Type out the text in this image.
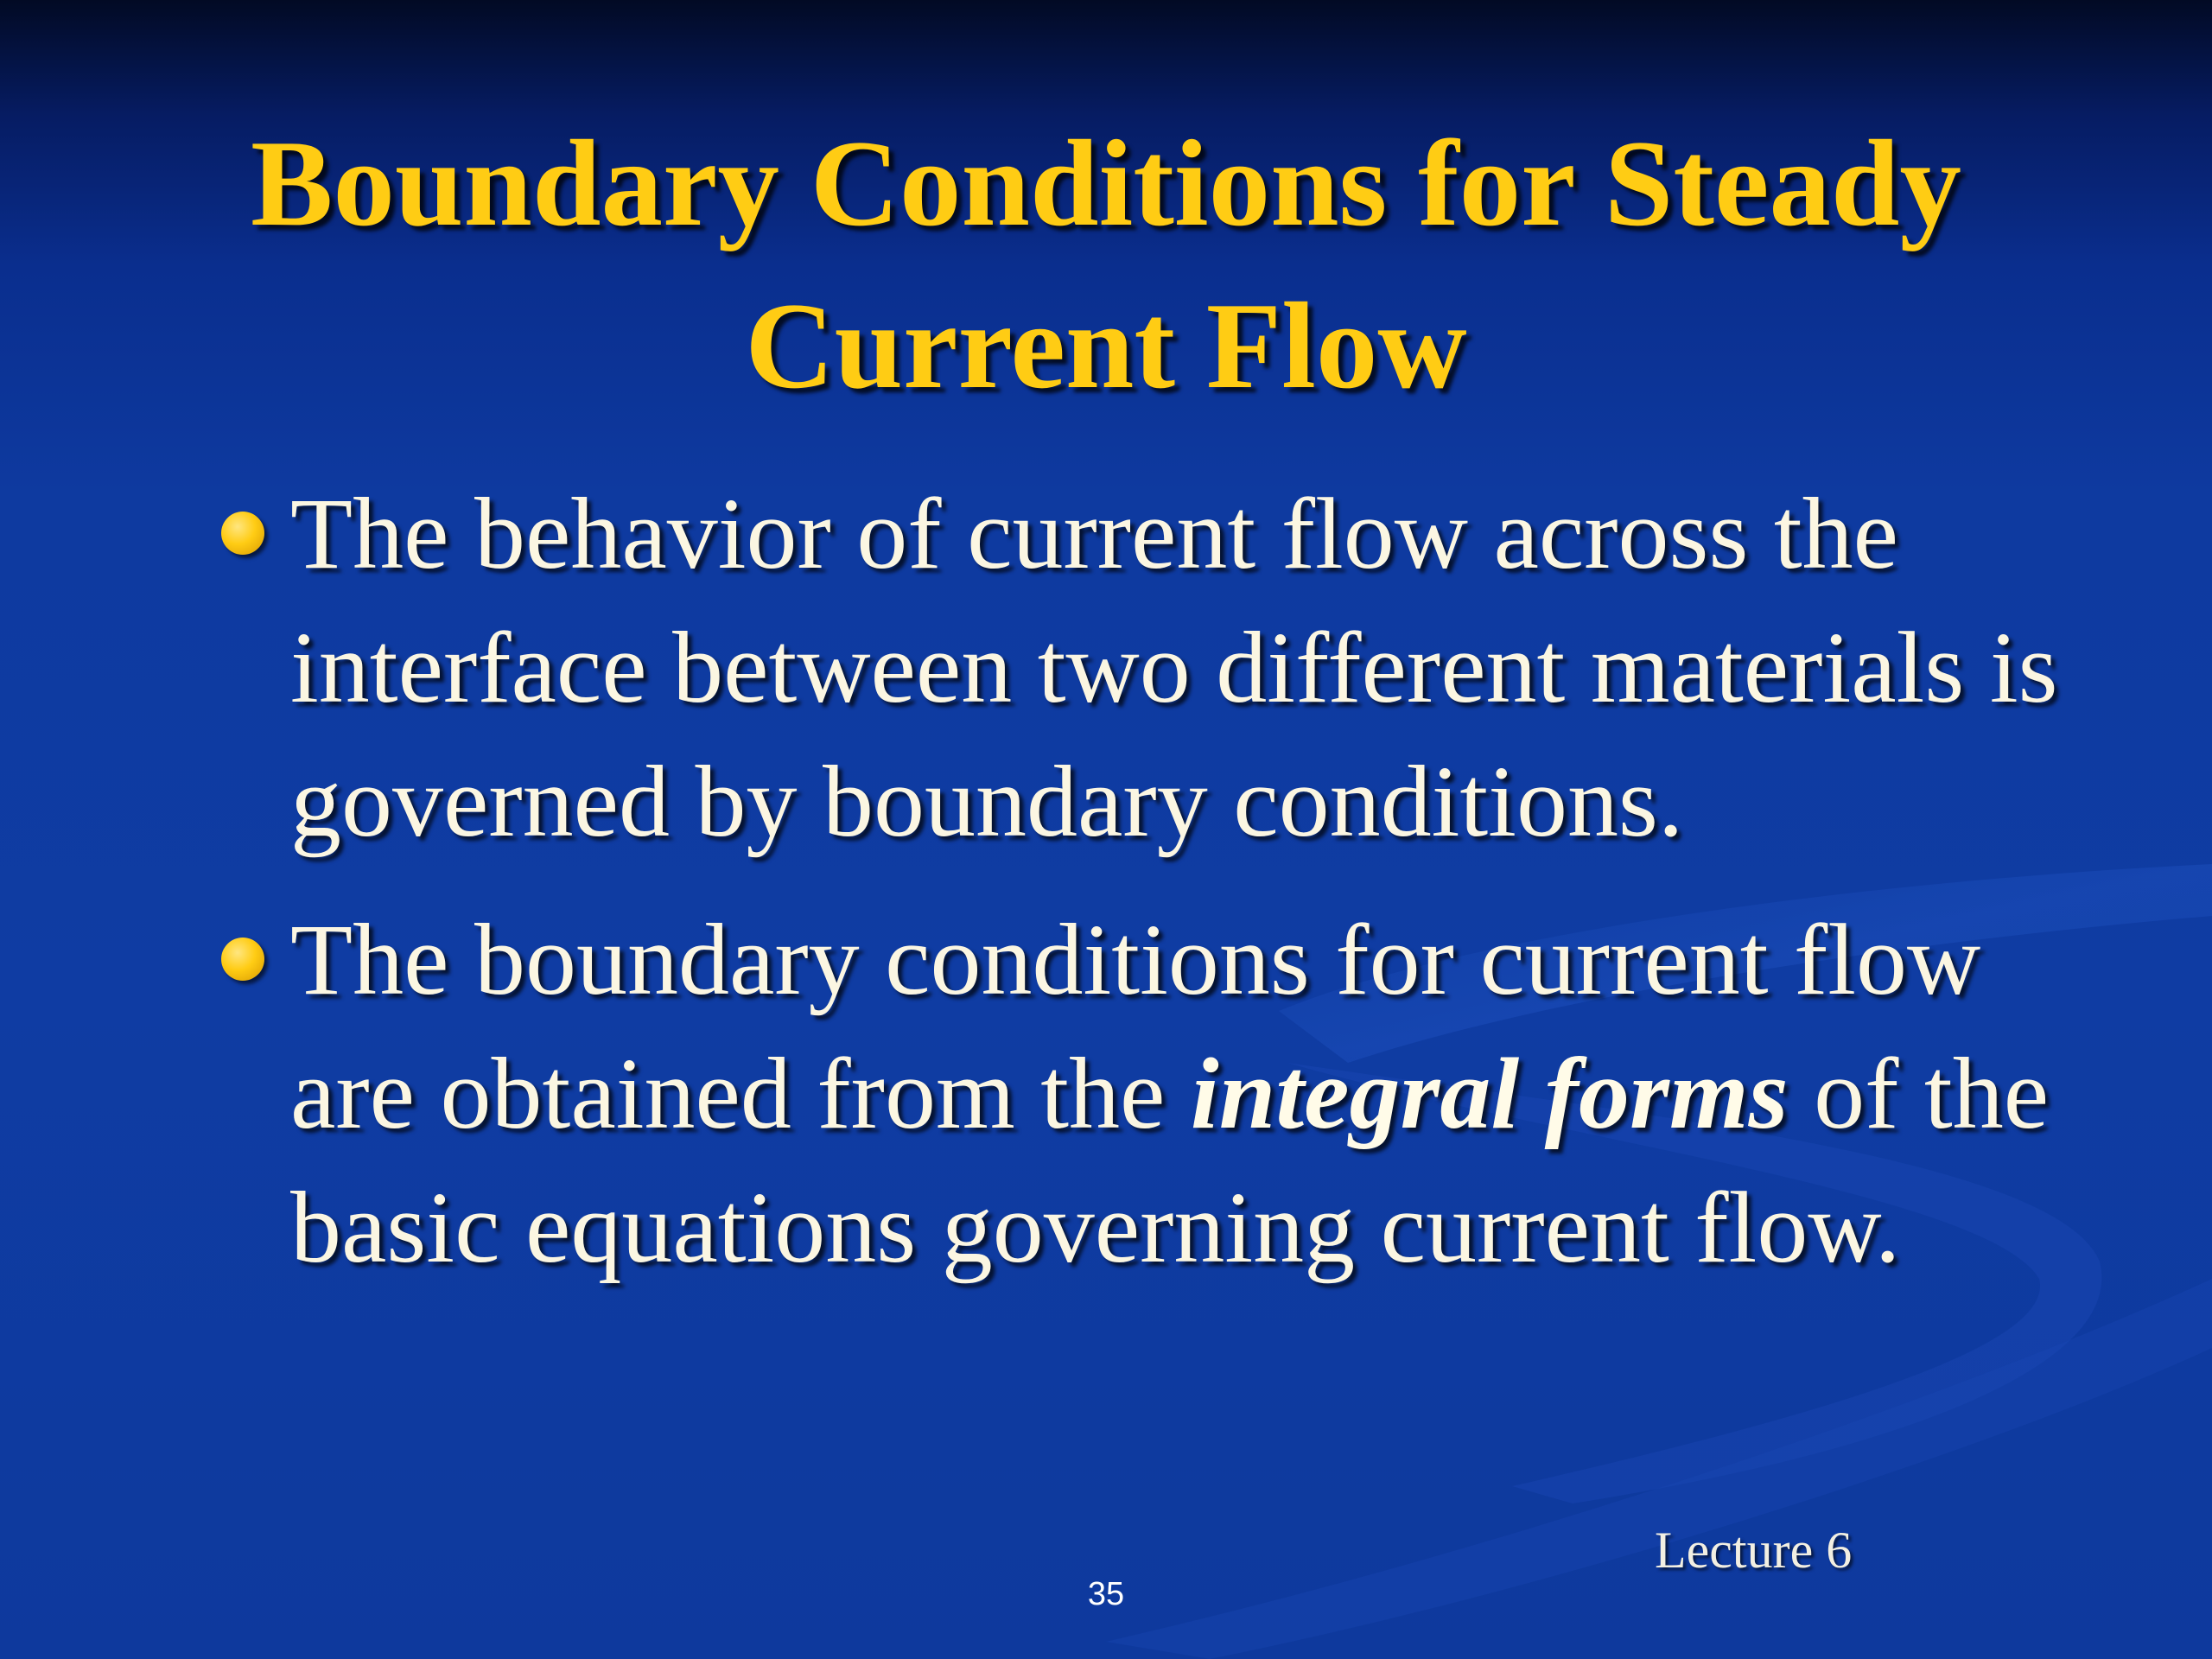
Boundary Conditions for Steady
Current Flow
The behavior of current flow across the interface between two different materials is governed by boundary conditions.
The boundary conditions for current flow are obtained from the integral forms of the basic equations governing current flow.
Lecture 6
35
